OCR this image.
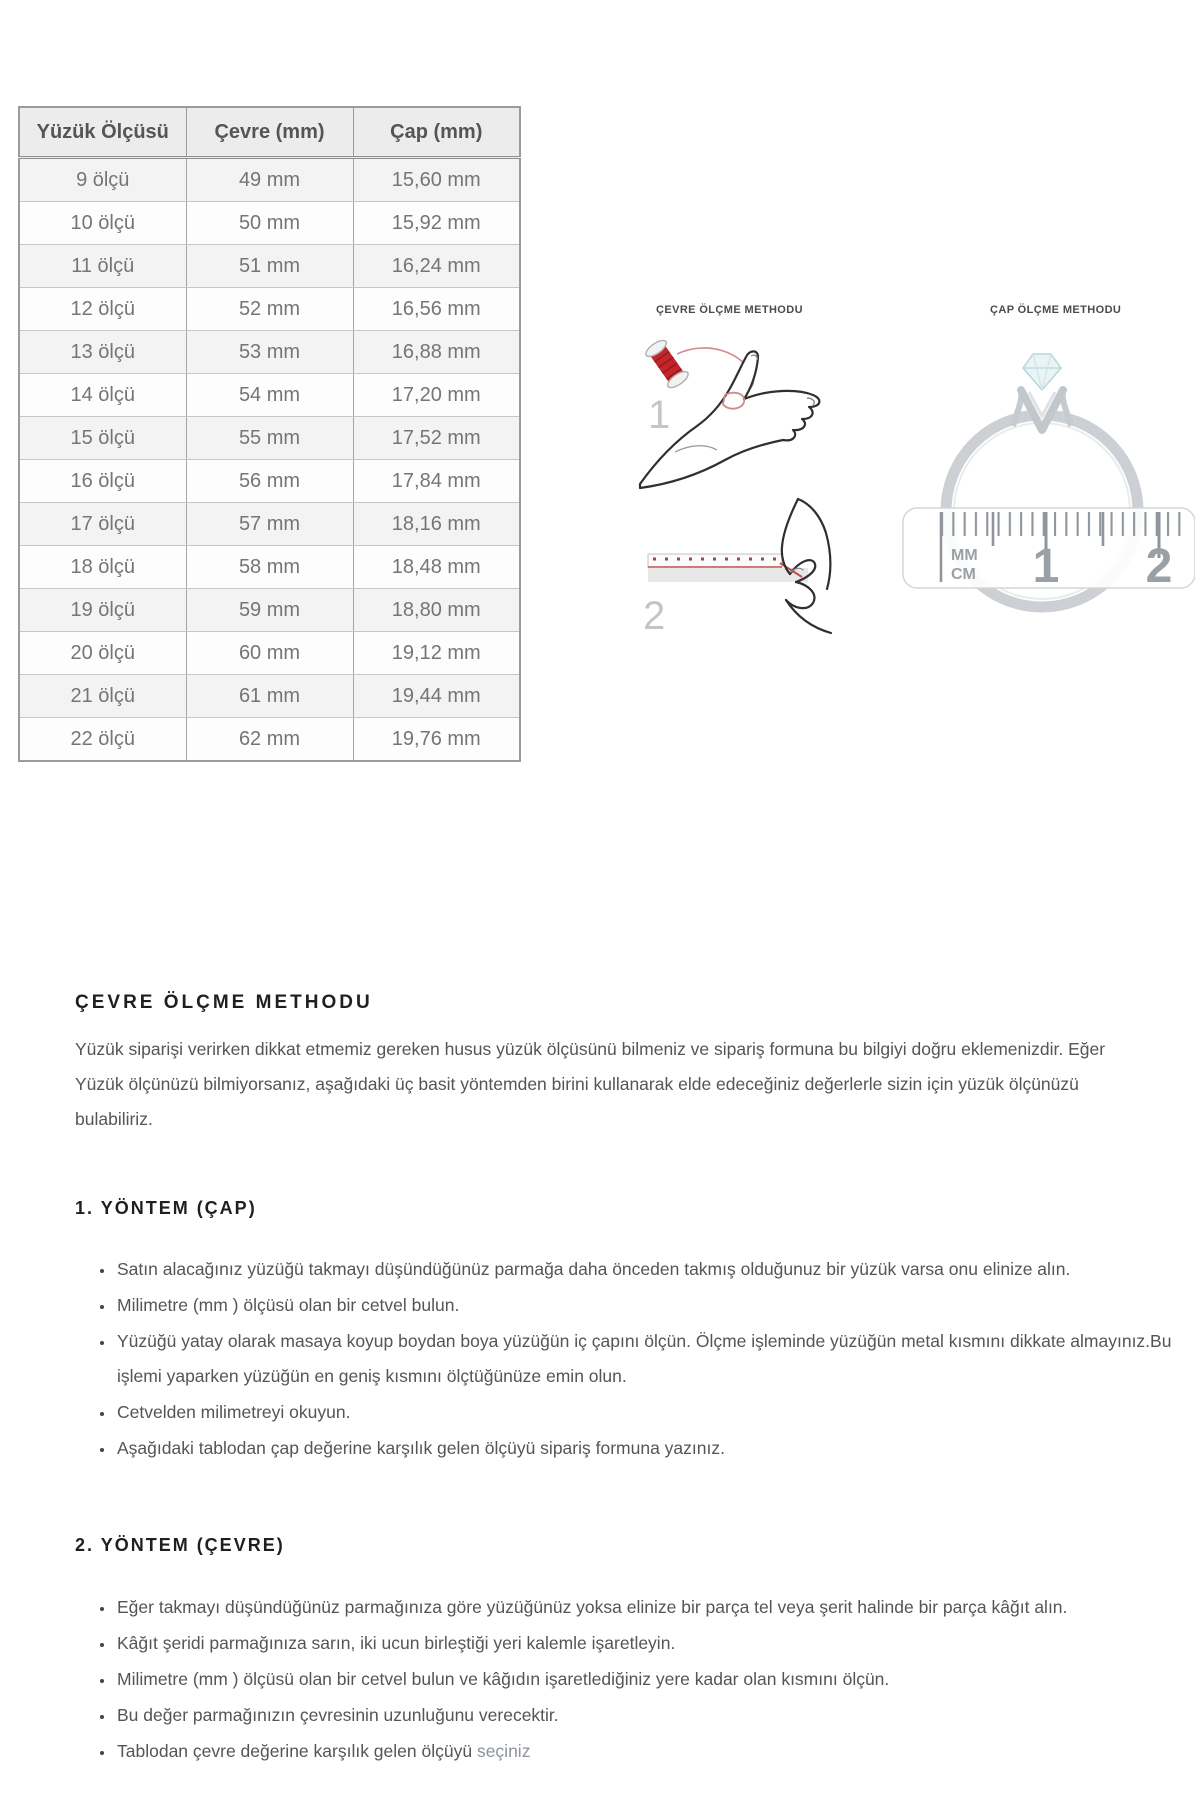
Yüzük Ölçüsü	Çevre (mm)	Çap (mm)
9 ölçü	49 mm	15,60 mm
10 ölçü	50 mm	15,92 mm
11 ölçü	51 mm	16,24 mm
12 ölçü	52 mm	16,56 mm
13 ölçü	53 mm	16,88 mm
14 ölçü	54 mm	17,20 mm
15 ölçü	55 mm	17,52 mm
16 ölçü	56 mm	17,84 mm
17 ölçü	57 mm	18,16 mm
18 ölçü	58 mm	18,48 mm
19 ölçü	59 mm	18,80 mm
20 ölçü	60 mm	19,12 mm
21 ölçü	61 mm	19,44 mm
22 ölçü	62 mm	19,76 mm
ÇEVRE ÖLÇME METHODU	ÇAP ÖLÇME METHODU
1
2
MM
CM 1 2
ÇEVRE ÖLÇME METHODU

Yüzük siparişi verirken dikkat etmemiz gereken husus yüzük ölçüsünü bilmeniz ve sipariş formuna bu bilgiyi doğru eklemenizdir. Eğer Yüzük ölçünüzü bilmiyorsanız, aşağıdaki üç basit yöntemden birini kullanarak elde edeceğiniz değerlerle sizin için yüzük ölçünüzü bulabiliriz.

1. YÖNTEM (ÇAP)
• Satın alacağınız yüzüğü takmayı düşündüğünüz parmağa daha önceden takmış olduğunuz bir yüzük varsa onu elinize alın.
• Milimetre (mm ) ölçüsü olan bir cetvel bulun.
• Yüzüğü yatay olarak masaya koyup boydan boya yüzüğün iç çapını ölçün. Ölçme işleminde yüzüğün metal kısmını dikkate almayınız.Bu işlemi yaparken yüzüğün en geniş kısmını ölçtüğünüze emin olun.
• Cetvelden milimetreyi okuyun.
• Aşağıdaki tablodan çap değerine karşılık gelen ölçüyü sipariş formuna yazınız.
2. YÖNTEM (ÇEVRE)
• Eğer takmayı düşündüğünüz parmağınıza göre yüzüğünüz yoksa elinize bir parça tel veya şerit halinde bir parça kâğıt alın.
• Kâğıt şeridi parmağınıza sarın, iki ucun birleştiği yeri kalemle işaretleyin.
• Milimetre (mm ) ölçüsü olan bir cetvel bulun ve kâğıdın işaretlediğiniz yere kadar olan kısmını ölçün.
• Bu değer parmağınızın çevresinin uzunluğunu verecektir.
• Tablodan çevre değerine karşılık gelen ölçüyü seçiniz
